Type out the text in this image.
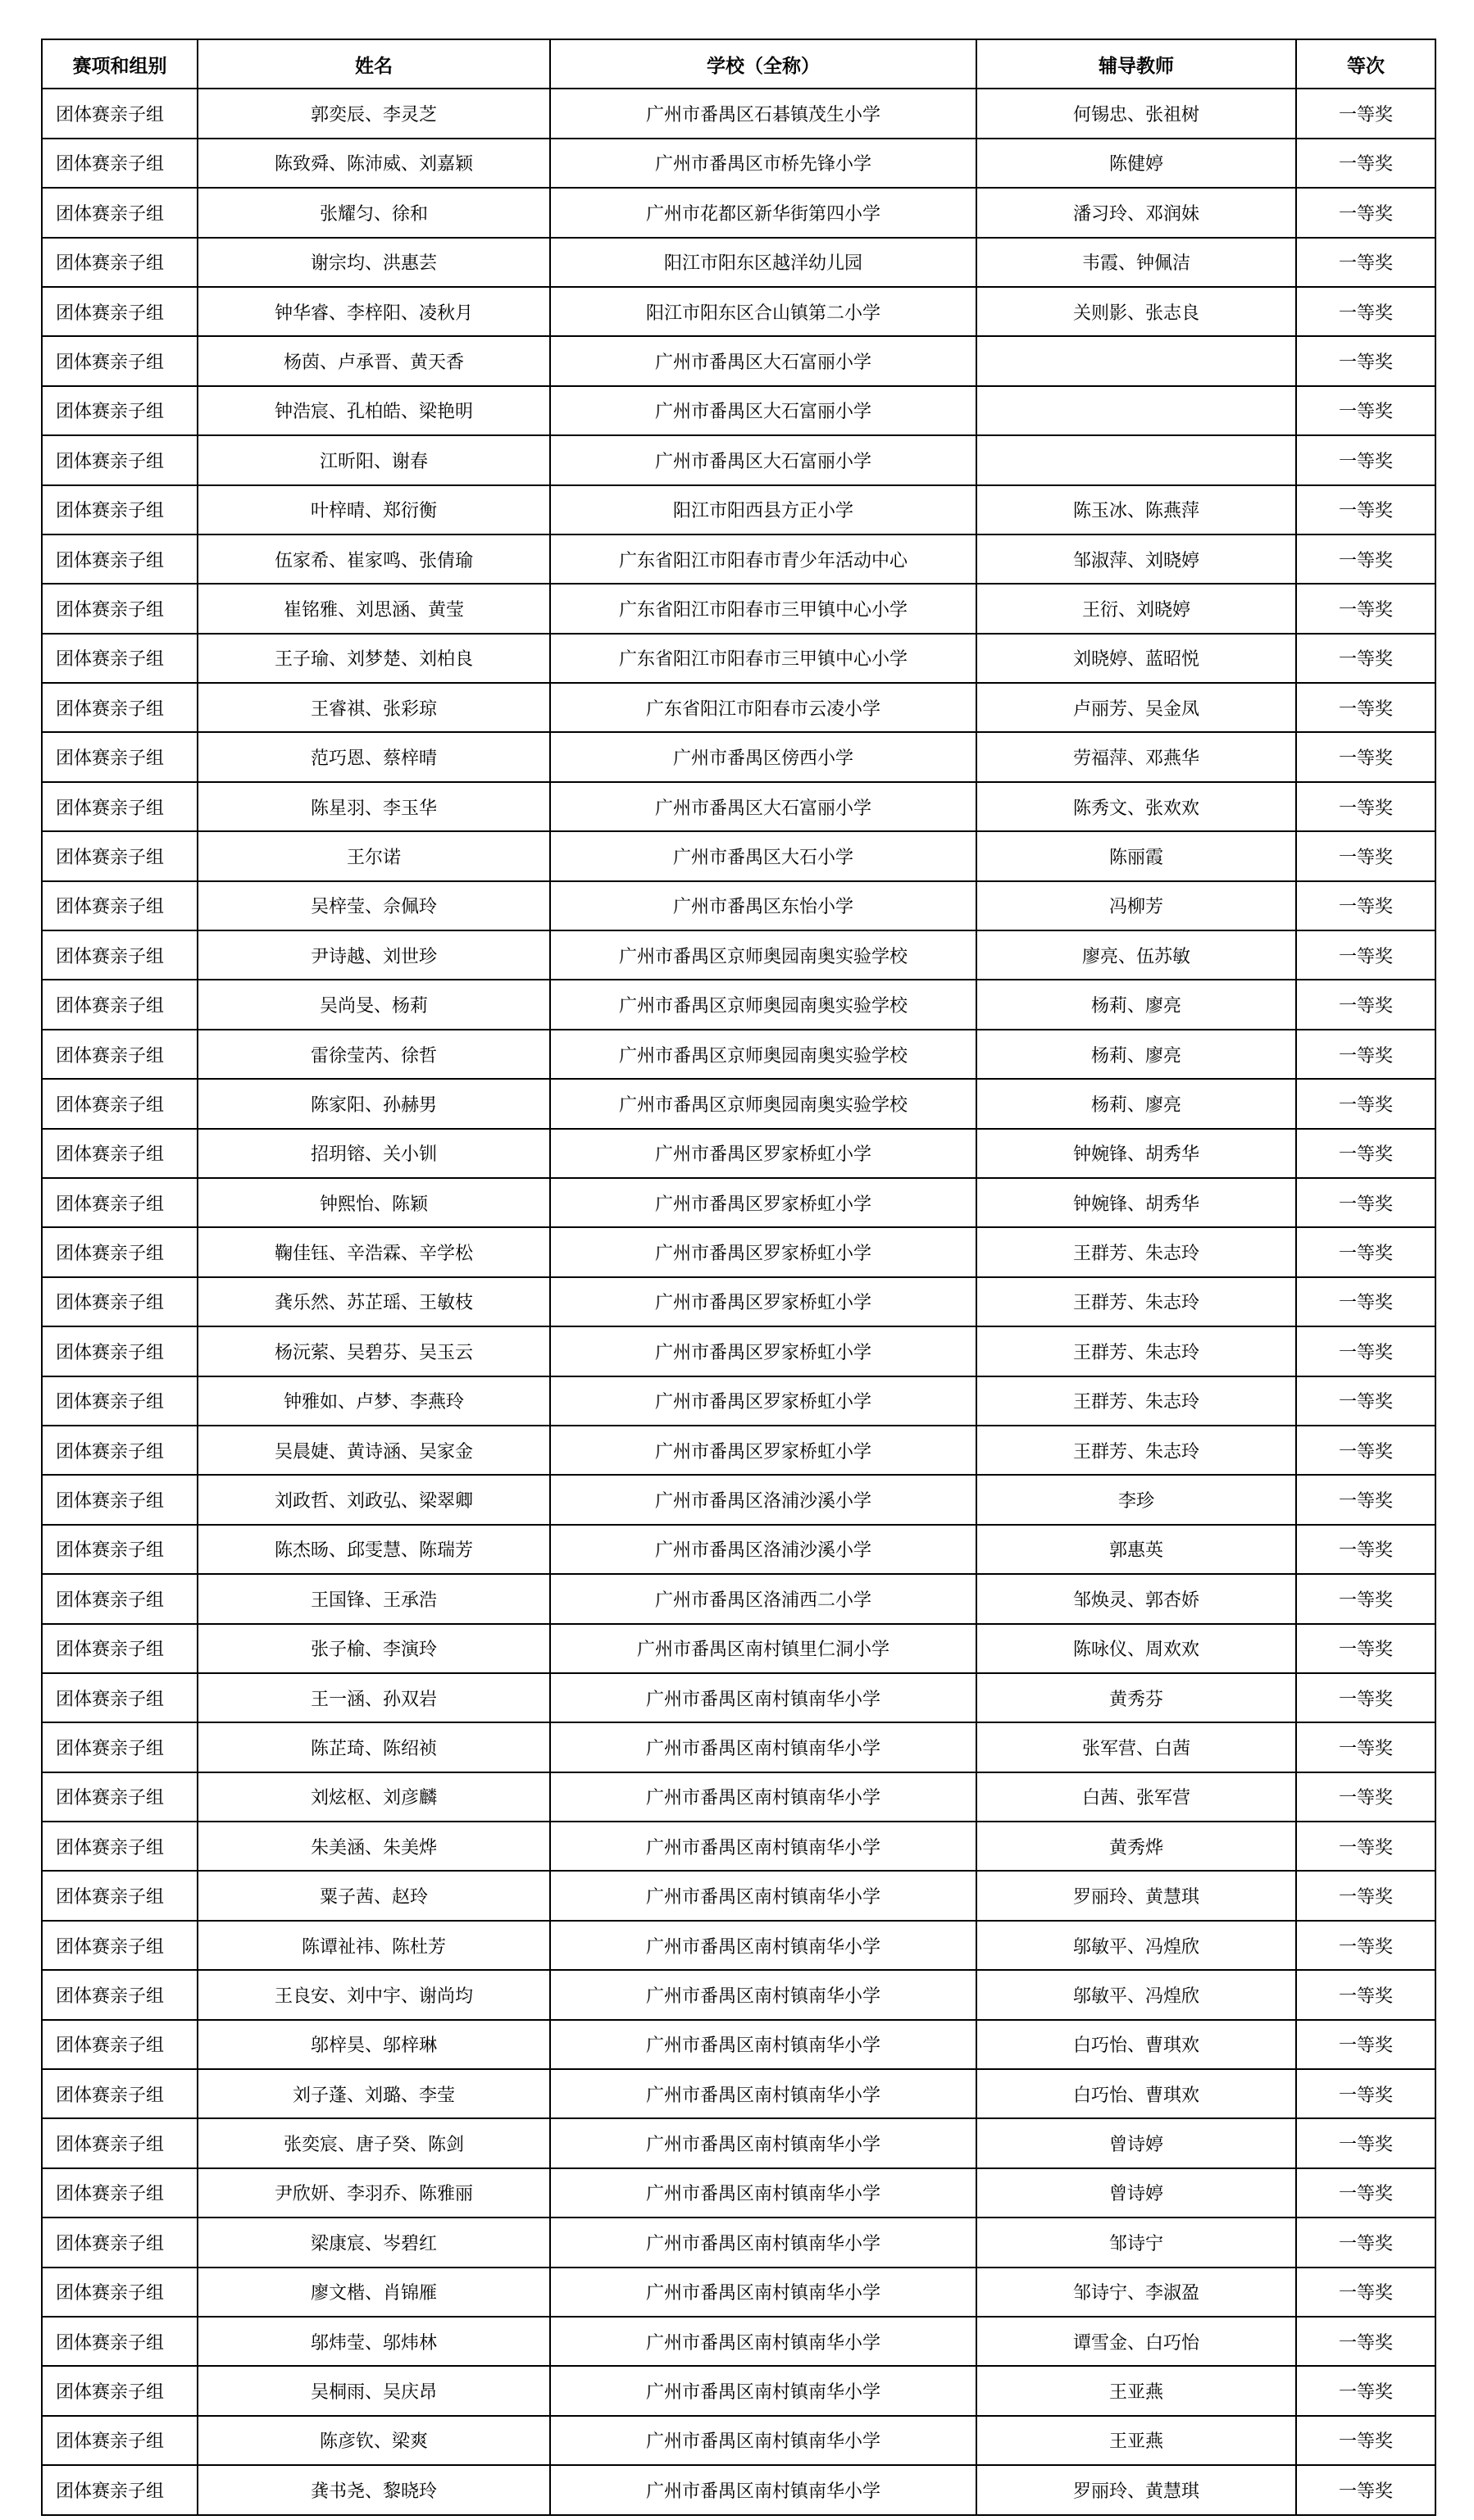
赛项和组别	姓名	学校（全称）	辅导教师	等次
团体赛亲子组	郭奕辰、李灵芝	广州市番禺区石碁镇茂生小学	何锡忠、张祖树	一等奖
团体赛亲子组	陈致舜、陈沛威、刘嘉颖	广州市番禺区市桥先锋小学	陈健婷	一等奖
团体赛亲子组	张耀匀、徐和	广州市花都区新华街第四小学	潘习玲、邓润妹	一等奖
团体赛亲子组	谢宗均、洪惠芸	阳江市阳东区越洋幼儿园	韦霞、钟佩洁	一等奖
团体赛亲子组	钟华睿、李梓阳、凌秋月	阳江市阳东区合山镇第二小学	关则影、张志良	一等奖
团体赛亲子组	杨茵、卢承晋、黄天香	广州市番禺区大石富丽小学		一等奖
团体赛亲子组	钟浩宸、孔柏皓、梁艳明	广州市番禺区大石富丽小学		一等奖
团体赛亲子组	江昕阳、谢春	广州市番禺区大石富丽小学		一等奖
团体赛亲子组	叶梓晴、郑衍衡	阳江市阳西县方正小学	陈玉冰、陈燕萍	一等奖
团体赛亲子组	伍家希、崔家鸣、张倩瑜	广东省阳江市阳春市青少年活动中心	邹淑萍、刘晓婷	一等奖
团体赛亲子组	崔铭雅、刘思涵、黄莹	广东省阳江市阳春市三甲镇中心小学	王衍、刘晓婷	一等奖
团体赛亲子组	王子瑜、刘梦楚、刘柏良	广东省阳江市阳春市三甲镇中心小学	刘晓婷、蓝昭悦	一等奖
团体赛亲子组	王睿祺、张彩琼	广东省阳江市阳春市云凌小学	卢丽芳、吴金凤	一等奖
团体赛亲子组	范巧恩、蔡梓晴	广州市番禺区傍西小学	劳福萍、邓燕华	一等奖
团体赛亲子组	陈星羽、李玉华	广州市番禺区大石富丽小学	陈秀文、张欢欢	一等奖
团体赛亲子组	王尔诺	广州市番禺区大石小学	陈丽霞	一等奖
团体赛亲子组	吴梓莹、佘佩玲	广州市番禺区东怡小学	冯柳芳	一等奖
团体赛亲子组	尹诗越、刘世珍	广州市番禺区京师奥园南奥实验学校	廖亮、伍苏敏	一等奖
团体赛亲子组	吴尚旻、杨莉	广州市番禺区京师奥园南奥实验学校	杨莉、廖亮	一等奖
团体赛亲子组	雷徐莹芮、徐哲	广州市番禺区京师奥园南奥实验学校	杨莉、廖亮	一等奖
团体赛亲子组	陈家阳、孙赫男	广州市番禺区京师奥园南奥实验学校	杨莉、廖亮	一等奖
团体赛亲子组	招玥镕、关小钏	广州市番禺区罗家桥虹小学	钟婉锋、胡秀华	一等奖
团体赛亲子组	钟熙怡、陈颖	广州市番禺区罗家桥虹小学	钟婉锋、胡秀华	一等奖
团体赛亲子组	鞠佳钰、辛浩霖、辛学松	广州市番禺区罗家桥虹小学	王群芳、朱志玲	一等奖
团体赛亲子组	龚乐然、苏芷瑶、王敏枝	广州市番禺区罗家桥虹小学	王群芳、朱志玲	一等奖
团体赛亲子组	杨沅萦、吴碧芬、吴玉云	广州市番禺区罗家桥虹小学	王群芳、朱志玲	一等奖
团体赛亲子组	钟雅如、卢梦、李燕玲	广州市番禺区罗家桥虹小学	王群芳、朱志玲	一等奖
团体赛亲子组	吴晨婕、黄诗涵、吴家金	广州市番禺区罗家桥虹小学	王群芳、朱志玲	一等奖
团体赛亲子组	刘政哲、刘政弘、梁翠卿	广州市番禺区洛浦沙溪小学	李珍	一等奖
团体赛亲子组	陈杰旸、邱雯慧、陈瑞芳	广州市番禺区洛浦沙溪小学	郭惠英	一等奖
团体赛亲子组	王国锋、王承浩	广州市番禺区洛浦西二小学	邹焕灵、郭杏娇	一等奖
团体赛亲子组	张子榆、李演玲	广州市番禺区南村镇里仁洞小学	陈咏仪、周欢欢	一等奖
团体赛亲子组	王一涵、孙双岩	广州市番禺区南村镇南华小学	黄秀芬	一等奖
团体赛亲子组	陈芷琦、陈绍祯	广州市番禺区南村镇南华小学	张军营、白茜	一等奖
团体赛亲子组	刘炫枢、刘彦麟	广州市番禺区南村镇南华小学	白茜、张军营	一等奖
团体赛亲子组	朱美涵、朱美烨	广州市番禺区南村镇南华小学	黄秀烨	一等奖
团体赛亲子组	粟子茜、赵玲	广州市番禺区南村镇南华小学	罗丽玲、黄慧琪	一等奖
团体赛亲子组	陈谭祉祎、陈杜芳	广州市番禺区南村镇南华小学	邬敏平、冯煌欣	一等奖
团体赛亲子组	王良安、刘中宇、谢尚均	广州市番禺区南村镇南华小学	邬敏平、冯煌欣	一等奖
团体赛亲子组	邬梓昊、邬梓琳	广州市番禺区南村镇南华小学	白巧怡、曹琪欢	一等奖
团体赛亲子组	刘子蓬、刘璐、李莹	广州市番禺区南村镇南华小学	白巧怡、曹琪欢	一等奖
团体赛亲子组	张奕宸、唐子癸、陈剑	广州市番禺区南村镇南华小学	曾诗婷	一等奖
团体赛亲子组	尹欣妍、李羽乔、陈雅丽	广州市番禺区南村镇南华小学	曾诗婷	一等奖
团体赛亲子组	梁康宸、岑碧红	广州市番禺区南村镇南华小学	邹诗宁	一等奖
团体赛亲子组	廖文楷、肖锦雁	广州市番禺区南村镇南华小学	邹诗宁、李淑盈	一等奖
团体赛亲子组	邬炜莹、邬炜林	广州市番禺区南村镇南华小学	谭雪金、白巧怡	一等奖
团体赛亲子组	吴桐雨、吴庆昂	广州市番禺区南村镇南华小学	王亚燕	一等奖
团体赛亲子组	陈彦钦、梁爽	广州市番禺区南村镇南华小学	王亚燕	一等奖
团体赛亲子组	龚书尧、黎晓玲	广州市番禺区南村镇南华小学	罗丽玲、黄慧琪	一等奖
